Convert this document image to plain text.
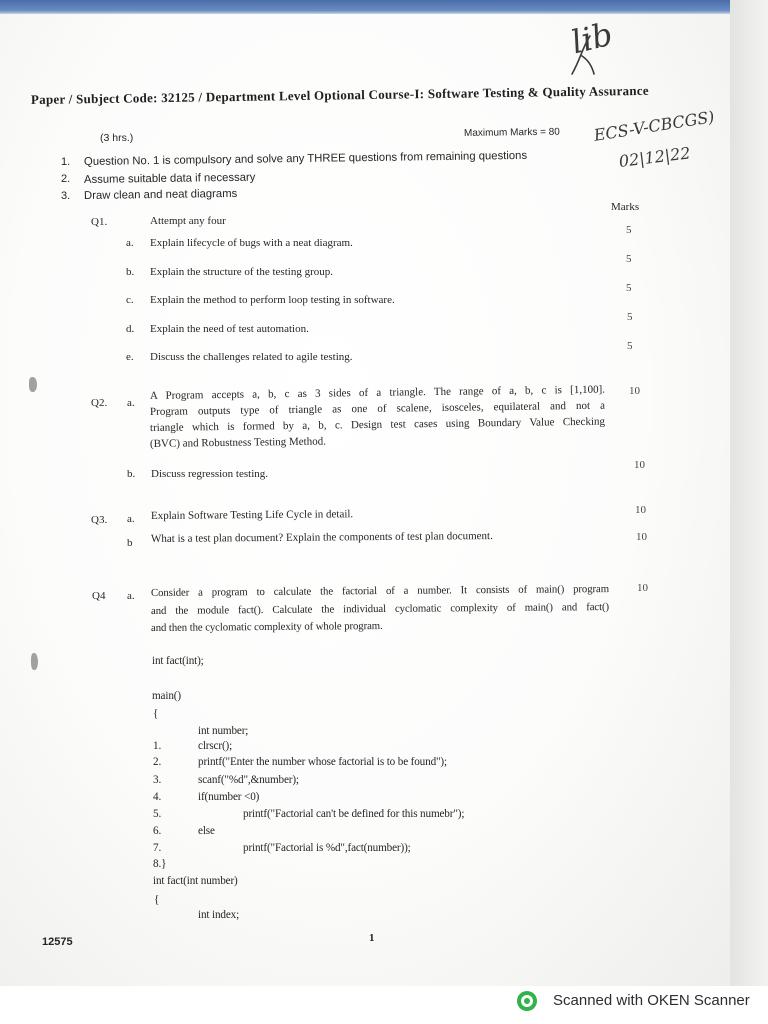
lib
ECS-V-CBCGS)
02|12|22
Paper / Subject Code: 32125 / Department Level Optional Course-I: Software Testing & Quality Assurance
(3 hrs.)	Maximum Marks = 80
1. Question No. 1 is compulsory and solve any THREE questions from remaining questions
2. Assume suitable data if necessary
3. Draw clean and neat diagrams
Marks
Q1.	Attempt any four
a. Explain lifecycle of bugs with a neat diagram.
5
b. Explain the structure of the testing group.
5
c. Explain the method to perform loop testing in software.
5
d. Explain the need of test automation.
5
e. Discuss the challenges related to agile testing.
5
Q2. a.
A Program accepts a, b, c as 3 sides of a triangle. The range of a, b, c is [1,100].
Program outputs type of triangle as one of scalene, isosceles, equilateral and not a
triangle which is formed by a, b, c. Design test cases using Boundary Value Checking
(BVC) and Robustness Testing Method.
10
b. Discuss regression testing.
10
Q3. a. Explain Software Testing Life Cycle in detail.	10
b What is a test plan document? Explain the components of test plan document.	10
Q4 a. Consider a program to calculate the factorial of a number. It consists of main() program
and the module fact(). Calculate the individual cyclomatic complexity of main() and fact()
and then the cyclomatic complexity of whole program.
10
int fact(int);
main()
{
int number;
1.	clrscr();
2.	printf("Enter the number whose factorial is to be found");
3.	scanf("%d",&number);
4.	if(number <0)
5.	printf("Factorial can't be defined for this numebr");
6.	else
7.	printf("Factorial is %d",fact(number));
8.}
int fact(int number)
{
int index;
12575	1
Scanned with OKEN Scanner
